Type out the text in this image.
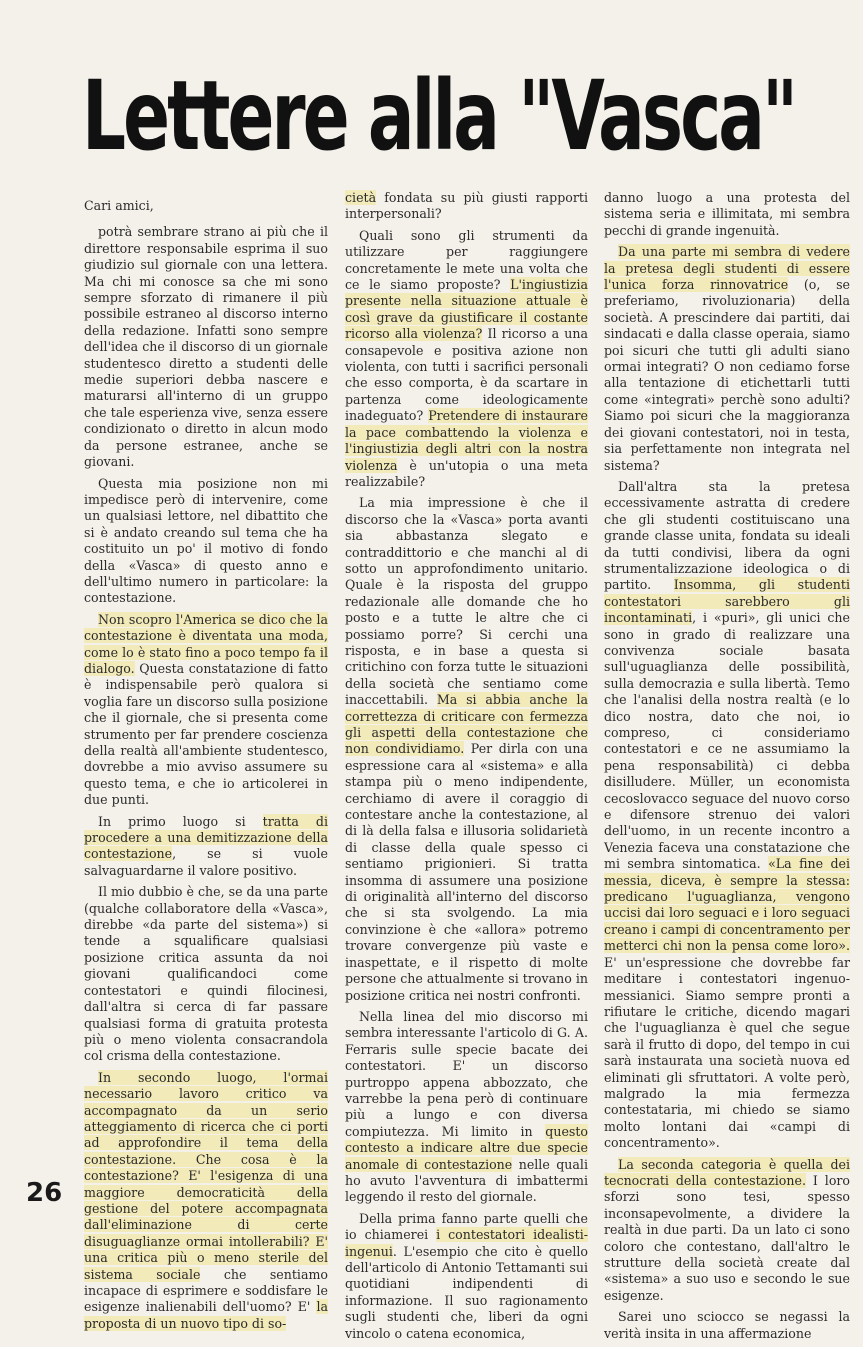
Lettere alla "Vasca"

Cari amici,

potrà sembrare strano ai più che il direttore responsabile esprima il suo giudizio sul giornale con una lettera. Ma chi mi conosce sa che mi sono sempre sforzato di rimanere il più possibile estraneo al discorso interno della redazione. Infatti sono sempre dell'idea che il discorso di un giornale studentesco diretto a studenti delle medie superiori debba nascere e maturarsi all'interno di un gruppo che tale esperienza vive, senza essere condizionato o diretto in alcun modo da persone estranee, anche se giovani.

Questa mia posizione non mi impedisce però di intervenire, come un qualsiasi lettore, nel dibattito che si è andato creando sul tema che ha costituito un po' il motivo di fondo della «Vasca» di questo anno e dell'ultimo numero in particolare: la contestazione.

Non scopro l'America se dico che la contestazione è diventata una moda, come lo è stato fino a poco tempo fa il dialogo. Questa constatazione di fatto è indispensabile però qualora si voglia fare un discorso sulla posizione che il giornale, che si presenta come strumento per far prendere coscienza della realtà all'ambiente studentesco, dovrebbe a mio avviso assumere su questo tema, e che io articolerei in due punti.

In primo luogo si tratta di procedere a una demitizzazione della contestazione, se si vuole salvaguardarne il valore positivo.

Il mio dubbio è che, se da una parte (qualche collaboratore della «Vasca», direbbe «da parte del sistema») si tende a squalificare qualsiasi posizione critica assunta da noi giovani qualificandoci come contestatori e quindi filocinesi, dall'altra si cerca di far passare qualsiasi forma di gratuita protesta più o meno violenta consacrandola col crisma della contestazione.

In secondo luogo, l'ormai necessario lavoro critico va accompagnato da un serio atteggiamento di ricerca che ci porti ad approfondire il tema della contestazione. Che cosa è la contestazione? E' l'esigenza di una maggiore democraticità della gestione del potere accompagnata dall'eliminazione di certe disuguaglianze ormai intollerabili? E' una critica più o meno sterile del sistema sociale che sentiamo incapace di esprimere e soddisfare le esigenze inalienabili dell'uomo? E' la proposta di un nuovo tipo di so-

cietà fondata su più giusti rapporti interpersonali?

Quali sono gli strumenti da utilizzare per raggiungere concretamente le mete una volta che ce le siamo proposte? L'ingiustizia presente nella situazione attuale è così grave da giustificare il costante ricorso alla violenza? Il ricorso a una consapevole e positiva azione non violenta, con tutti i sacrifici personali che esso comporta, è da scartare in partenza come ideologicamente inadeguato? Pretendere di instaurare la pace combattendo la violenza e l'ingiustizia degli altri con la nostra violenza è un'utopia o una meta realizzabile?

La mia impressione è che il discorso che la «Vasca» porta avanti sia abbastanza slegato e contraddittorio e che manchi al di sotto un approfondimento unitario. Quale è la risposta del gruppo redazionale alle domande che ho posto e a tutte le altre che ci possiamo porre? Si cerchi una risposta, e in base a questa si critichino con forza tutte le situazioni della società che sentiamo come inaccettabili. Ma si abbia anche la correttezza di criticare con fermezza gli aspetti della contestazione che non condividiamo. Per dirla con una espressione cara al «sistema» e alla stampa più o meno indipendente, cerchiamo di avere il coraggio di contestare anche la contestazione, al di là della falsa e illusoria solidarietà di classe della quale spesso ci sentiamo prigionieri. Si tratta insomma di assumere una posizione di originalità all'interno del discorso che si sta svolgendo. La mia convinzione è che «allora» potremo trovare convergenze più vaste e inaspettate, e il rispetto di molte persone che attualmente si trovano in posizione critica nei nostri confronti.

Nella linea del mio discorso mi sembra interessante l'articolo di G. A. Ferraris sulle specie bacate dei contestatori. E' un discorso purtroppo appena abbozzato, che varrebbe la pena però di continuare più a lungo e con diversa compiutezza. Mi limito in questo contesto a indicare altre due specie anomale di contestazione nelle quali ho avuto l'avventura di imbattermi leggendo il resto del giornale.

Della prima fanno parte quelli che io chiamerei i contestatori idealisti-ingenui. L'esempio che cito è quello dell'articolo di Antonio Tettamanti sui quotidiani indipendenti di informazione. Il suo ragionamento sugli studenti che, liberi da ogni vincolo o catena economica,

danno luogo a una protesta del sistema seria e illimitata, mi sembra pecchi di grande ingenuità.

Da una parte mi sembra di vedere la pretesa degli studenti di essere l'unica forza rinnovatrice (o, se preferiamo, rivoluzionaria) della società. A prescindere dai partiti, dai sindacati e dalla classe operaia, siamo poi sicuri che tutti gli adulti siano ormai integrati? O non cediamo forse alla tentazione di etichettarli tutti come «integrati» perchè sono adulti? Siamo poi sicuri che la maggioranza dei giovani contestatori, noi in testa, sia perfettamente non integrata nel sistema?

Dall'altra sta la pretesa eccessivamente astratta di credere che gli studenti costituiscano una grande classe unita, fondata su ideali da tutti condivisi, libera da ogni strumentalizzazione ideologica o di partito. Insomma, gli studenti contestatori sarebbero gli incontaminati, i «puri», gli unici che sono in grado di realizzare una convivenza sociale basata sull'uguaglianza delle possibilità, sulla democrazia e sulla libertà. Temo che l'analisi della nostra realtà (e lo dico nostra, dato che noi, io compreso, ci consideriamo contestatori e ce ne assumiamo la pena responsabilità) ci debba disilludere. Müller, un economista cecoslovacco seguace del nuovo corso e difensore strenuo dei valori dell'uomo, in un recente incontro a Venezia faceva una constatazione che mi sembra sintomatica. «La fine dei messia, diceva, è sempre la stessa: predicano l'uguaglianza, vengono uccisi dai loro seguaci e i loro seguaci creano i campi di concentramento per metterci chi non la pensa come loro». E' un'espressione che dovrebbe far meditare i contestatori ingenuo-messianici. Siamo sempre pronti a rifiutare le critiche, dicendo magari che l'uguaglianza è quel che segue sarà il frutto di dopo, del tempo in cui sarà instaurata una società nuova ed eliminati gli sfruttatori. A volte però, malgrado la mia fermezza contestataria, mi chiedo se siamo molto lontani dai «campi di concentramento».

La seconda categoria è quella dei tecnocrati della contestazione. I loro sforzi sono tesi, spesso inconsapevolmente, a dividere la realtà in due parti. Da un lato ci sono coloro che contestano, dall'altro le strutture della società create dal «sistema» a suo uso e secondo le sue esigenze.

Sarei uno sciocco se negassi la verità insita in una affermazione

26
